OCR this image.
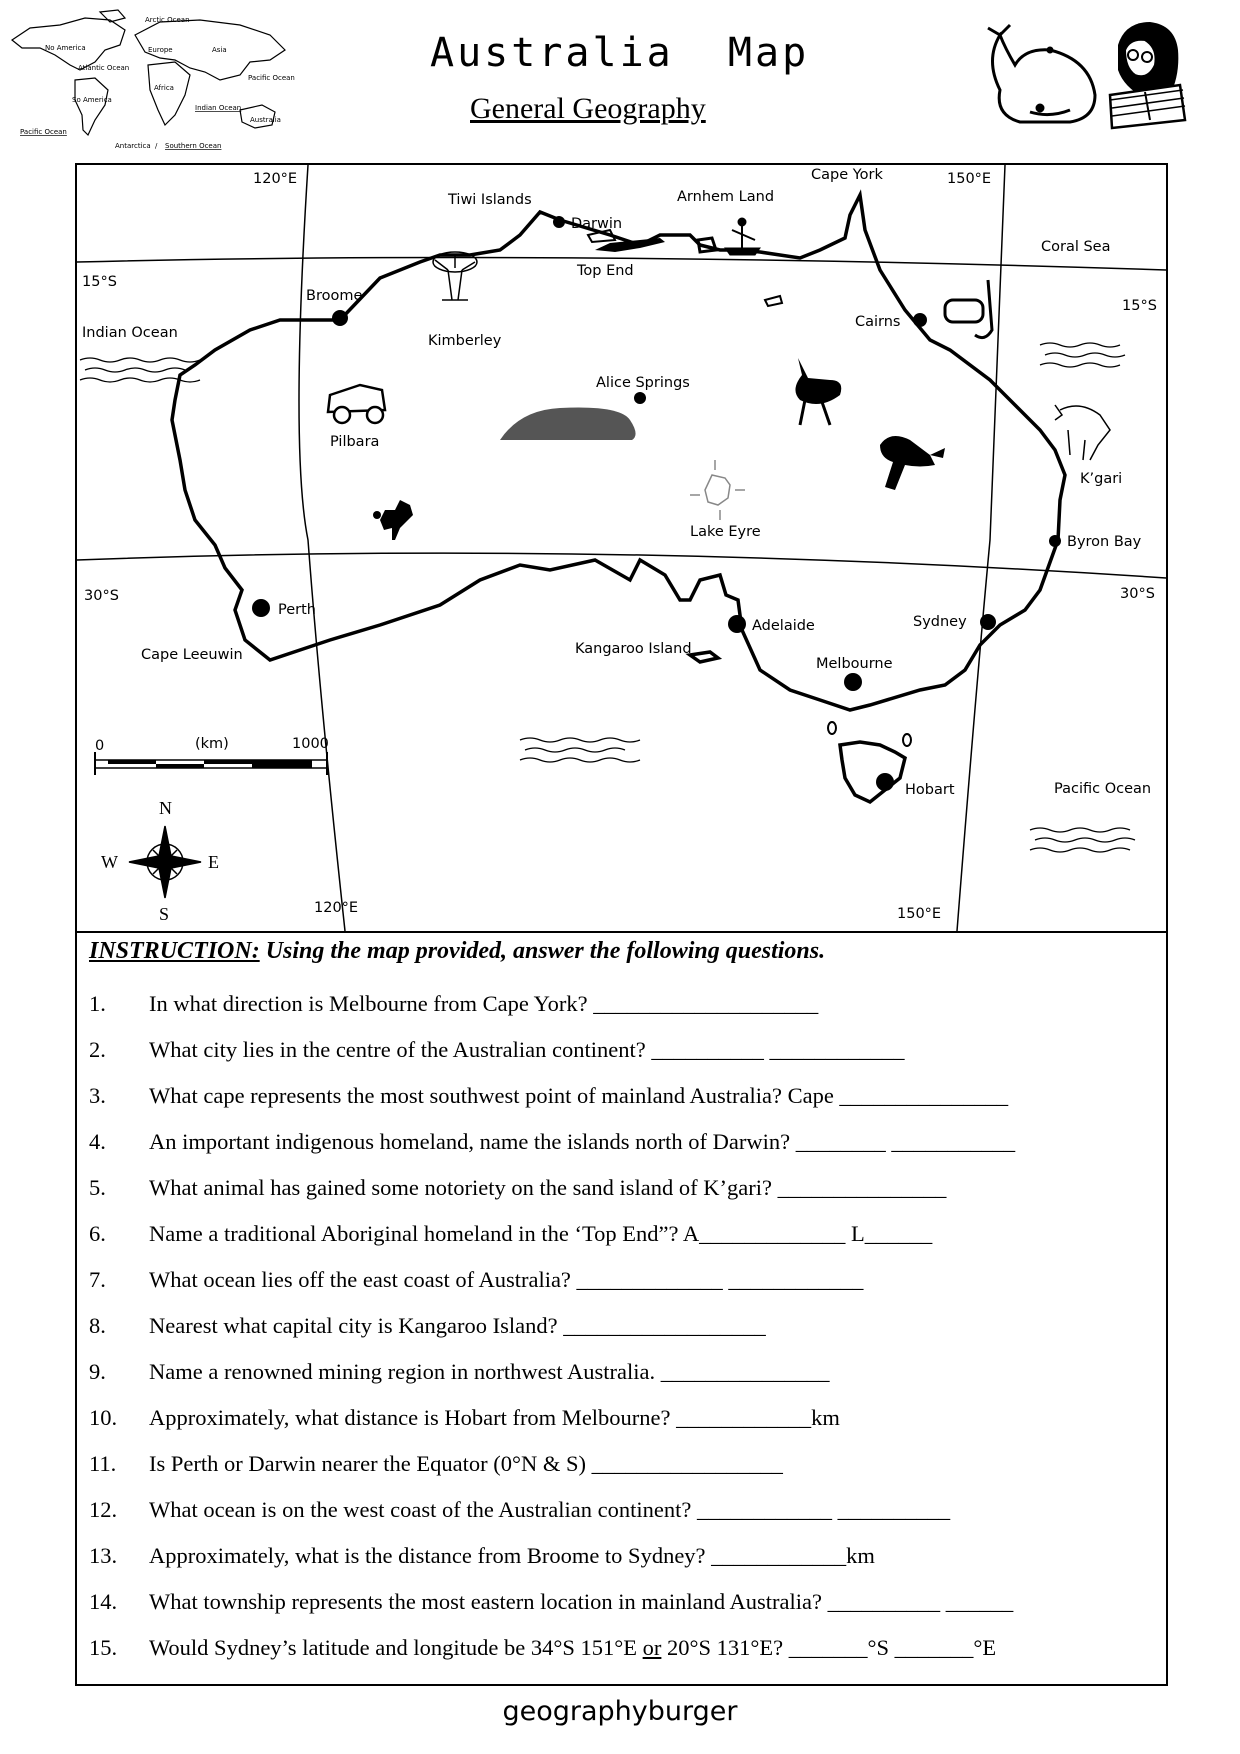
Australia  Map
General Geography
Arctic Ocean
No America	Europe	Asia
Atlantic Ocean
Pacific Ocean
Africa
So America
Indian Ocean
Australia
Pacific Ocean
Antarctica / Southern Ocean
120°E	150°E
15°S
15°S
30°S	30°S
120°E	150°E
Cape York
Tiwi Islands	Arnhem Land
Darwin
Top End
Coral Sea
Broome
Indian Ocean	Kimberley
Cairns
Alice Springs
Pilbara
K’gari
Lake Eyre
Byron Bay
Perth
Adelaide	Sydney
Kangaroo Island
Cape Leeuwin
Melbourne
Hobart	Pacific Ocean
0	(km)	1000
N
S
E
W
INSTRUCTION: Using the map provided, answer the following questions.
1. In what direction is Melbourne from Cape York? ____________________
2. What city lies in the centre of the Australian continent? __________ ____________
3. What cape represents the most southwest point of mainland Australia? Cape _______________
4. An important indigenous homeland, name the islands north of Darwin? ________ ___________
5. What animal has gained some notoriety on the sand island of K’gari? _______________
6. Name a traditional Aboriginal homeland in the ‘Top End”? A_____________ L______
7. What ocean lies off the east coast of Australia? _____________ ____________
8. Nearest what capital city is Kangaroo Island? __________________
9. Name a renowned mining region in northwest Australia. _______________
10. Approximately, what distance is Hobart from Melbourne? ____________km
11. Is Perth or Darwin nearer the Equator (0°N & S) _________________
12. What ocean is on the west coast of the Australian continent? ____________ __________
13. Approximately, what is the distance from Broome to Sydney? ____________km
14. What township represents the most eastern location in mainland Australia? __________ ______
15. Would Sydney’s latitude and longitude be 34°S 151°E or 20°S 131°E? _______°S _______°E
geographyburger
